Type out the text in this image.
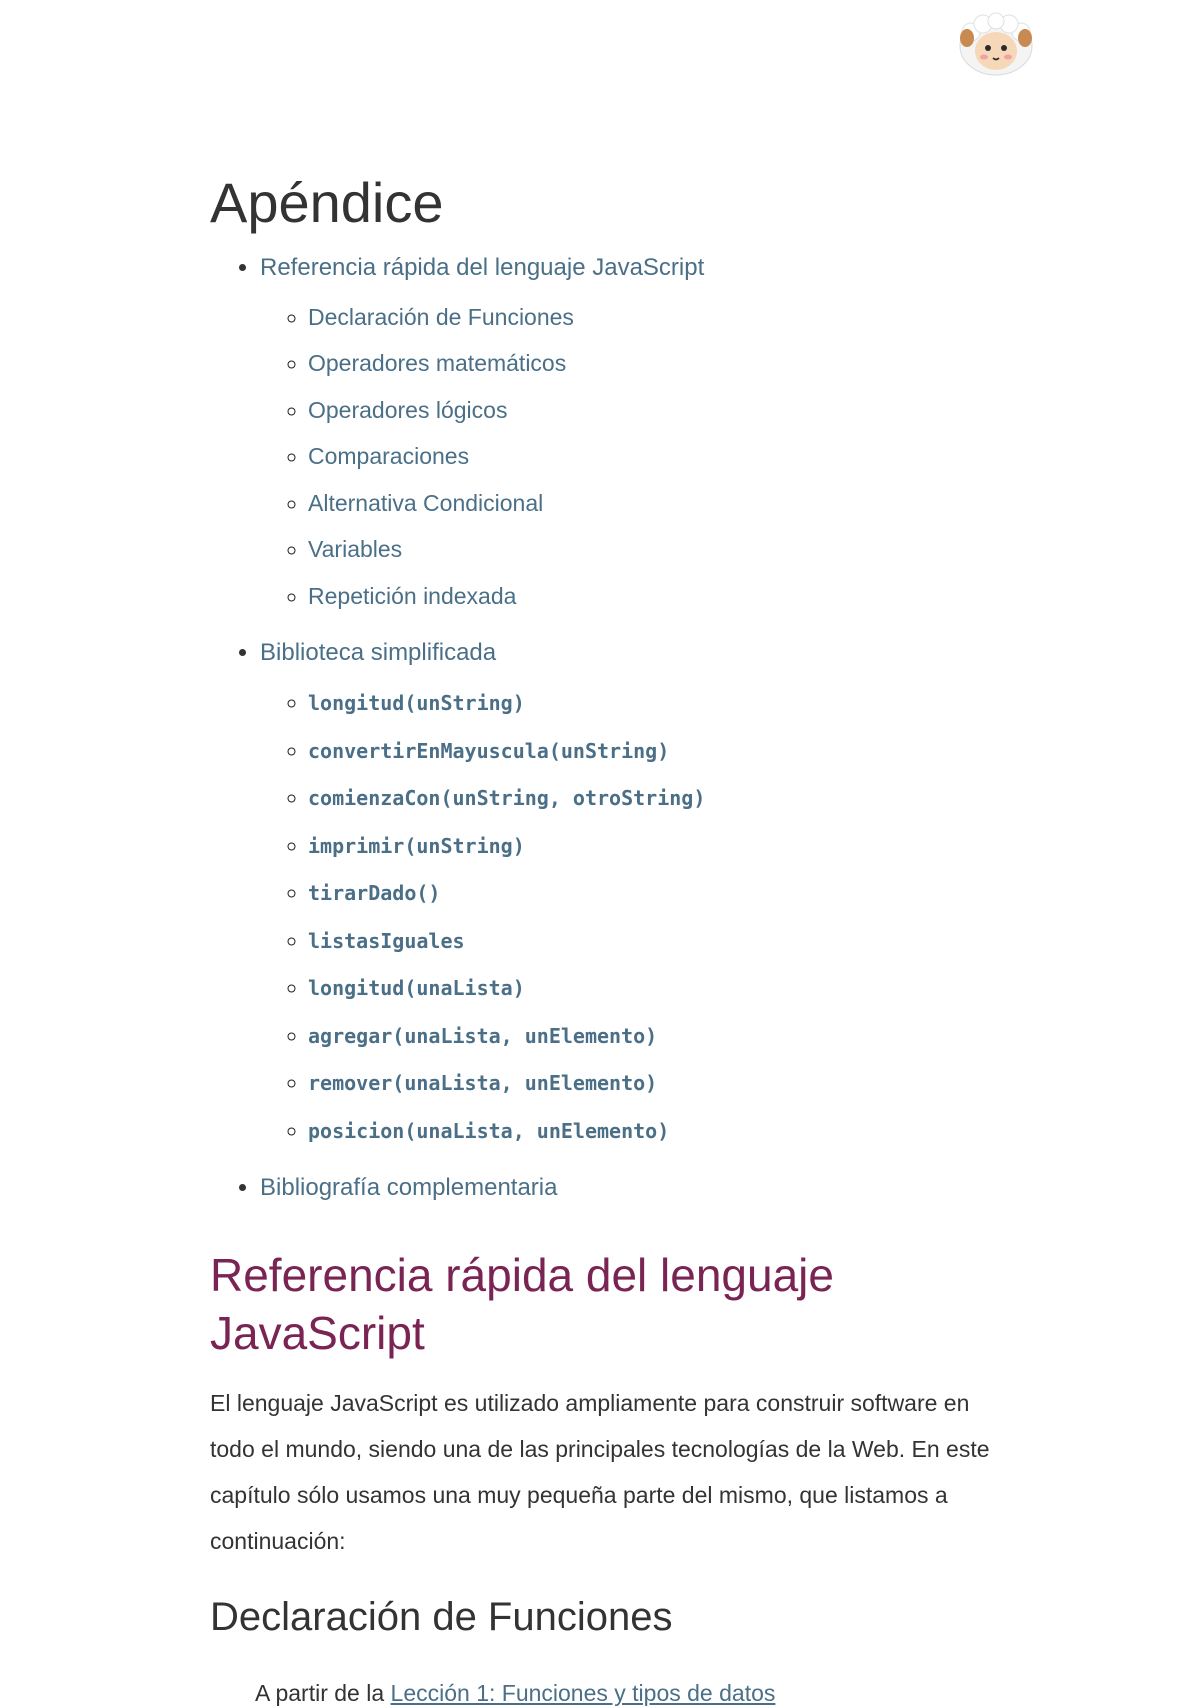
Apéndice
• Referencia rápida del lenguaje JavaScript
◦ Declaración de Funciones
◦ Operadores matemáticos
◦ Operadores lógicos
◦ Comparaciones
◦ Alternativa Condicional
◦ Variables
◦ Repetición indexada
• Biblioteca simplificada
◦ longitud(unString)
◦ convertirEnMayuscula(unString)
◦ comienzaCon(unString, otroString)
◦ imprimir(unString)
◦ tirarDado()
◦ listasIguales
◦ longitud(unaLista)
◦ agregar(unaLista, unElemento)
◦ remover(unaLista, unElemento)
◦ posicion(unaLista, unElemento)
• Bibliografía complementaria
Referencia rápida del lenguaje JavaScript

El lenguaje JavaScript es utilizado ampliamente para construir software en todo el mundo, siendo una de las principales tecnologías de la Web. En este capítulo sólo usamos una muy pequeña parte del mismo, que listamos a continuación:

Declaración de Funciones
A partir de la Lección 1: Funciones y tipos de datos
